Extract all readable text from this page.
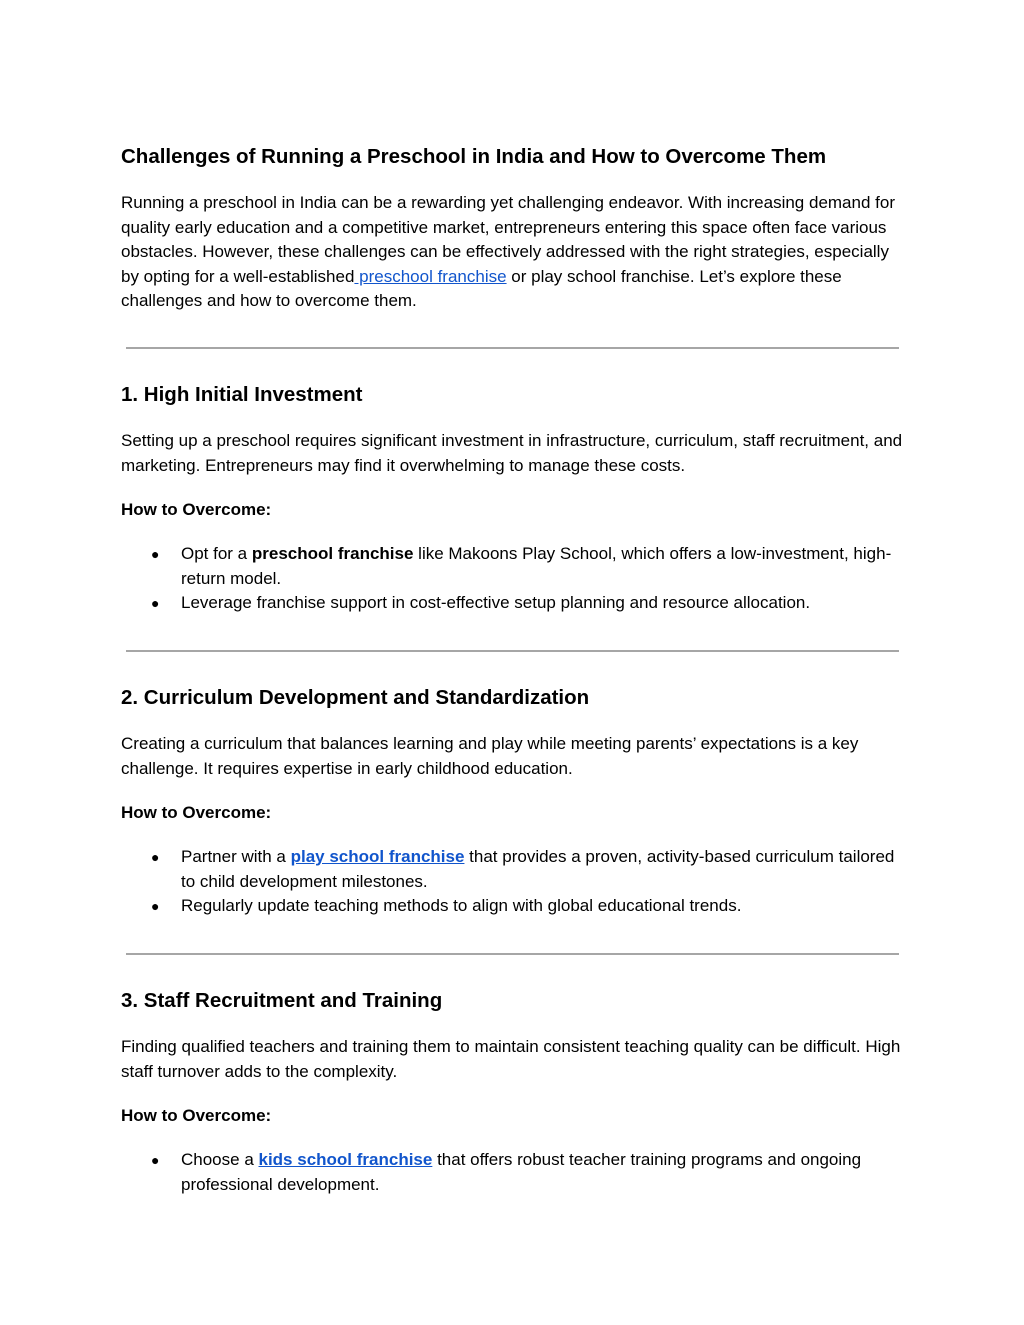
Challenges of Running a Preschool in India and How to Overcome Them

Running a preschool in India can be a rewarding yet challenging endeavor. With increasing demand for quality early education and a competitive market, entrepreneurs entering this space often face various obstacles. However, these challenges can be effectively addressed with the right strategies, especially by opting for a well-established preschool franchise or play school franchise. Let’s explore these challenges and how to overcome them.

1. High Initial Investment

Setting up a preschool requires significant investment in infrastructure, curriculum, staff recruitment, and marketing. Entrepreneurs may find it overwhelming to manage these costs.

How to Overcome:

● Opt for a preschool franchise like Makoons Play School, which offers a low-investment, high-return model.
● Leverage franchise support in cost-effective setup planning and resource allocation.
2. Curriculum Development and Standardization

Creating a curriculum that balances learning and play while meeting parents’ expectations is a key challenge. It requires expertise in early childhood education.

How to Overcome:

● Partner with a play school franchise that provides a proven, activity-based curriculum tailored to child development milestones.
● Regularly update teaching methods to align with global educational trends.
3. Staff Recruitment and Training

Finding qualified teachers and training them to maintain consistent teaching quality can be difficult. High staff turnover adds to the complexity.

How to Overcome:

● Choose a kids school franchise that offers robust teacher training programs and ongoing professional development.
